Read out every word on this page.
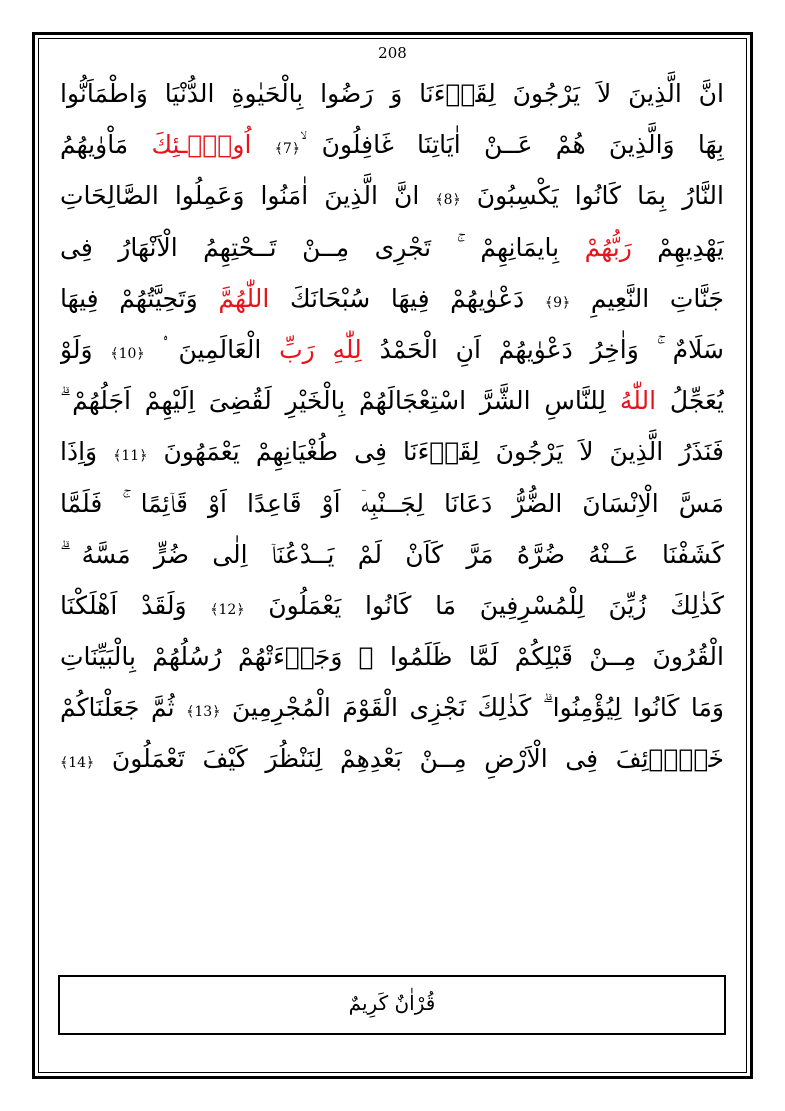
208
انَّ الَّذِينَ لاَ يَرْجُونَ لِقَاۤءَنَا وَ رَضُوا بِالْحَيٰوةِ الدُّنْيَا وَاطْمَاَنُّوا
بِهَا وَالَّذِينَ هُمْ عَــنْ اٰيَاتِنَا غَافِلُونَ ۙ﴿7﴾ اُولٰۤـئِكَ مَاْوٰيهُمُ
النَّارُ بِمَا كَانُوا يَكْسِبُونَ ﴿8﴾ انَّ الَّذِينَ اٰمَنُوا وَعَمِلُوا الصَّالِحَاتِ
يَهْدِيهِمْ رَبُّهُمْ بِايمَانِهِمْ ۚ تَجْرِى مِــنْ تَــحْتِهِمُ الْاَنْهَارُ فِى
جَنَّاتِ النَّعِيمِ ﴿9﴾ دَعْوٰيهُمْ فِيهَا سُبْحَانَكَ اللّٰهُمَّ وَتَحِيَّتُهُمْ فِيهَا
سَلَامٌ ۚ وَاٰخِرُ دَعْوٰيهُمْ اَنِ الْحَمْدُ لِلّٰهِ رَبِّ الْعَالَمِينَ ۟ ﴿10﴾ وَلَوْ
يُعَجِّلُ اللّٰهُ لِلنَّاسِ الشَّرَّ اسْتِعْجَالَهُمْ بِالْخَيْرِ لَقُضِىَ اِلَيْهِمْ اَجَلُهُمْ ۗ
فَنَذَرُ الَّذِينَ لاَ يَرْجُونَ لِقَاۤءَنَا فِى طُغْيَانِهِمْ يَعْمَهُونَ ﴿11﴾ وَاِذَا
مَسَّ الْاِنْسَانَ الضُّرُّ دَعَانَا لِجَــنْبِهۤ اَوْ قَاعِدًا اَوْ قَاۤئِمًا ۚ فَلَمَّا
كَشَفْنَا عَــنْهُ ضُرَّهُ مَرَّ كَاَنْ لَمْ يَــدْعُنَاۤ اِلٰى ضُرٍّ مَسَّهُ ۗ
كَذٰلِكَ زُيِّنَ لِلْمُسْرِفِينَ مَا كَانُوا يَعْمَلُونَ ﴿12﴾ وَلَقَدْ اَهْلَكْنَا
الْقُرُونَ مِــنْ قَبْلِكُمْ لَمَّا ظَلَمُوا ۙ وَجَاۤءَتْهُمْ رُسُلُهُمْ بِالْبَيِّنَاتِ
وَمَا كَانُوا لِيُؤْمِنُوا ۗ كَذٰلِكَ نَجْزِى الْقَوْمَ الْمُجْرِمِينَ ﴿13﴾ ثُمَّ جَعَلْنَاكُمْ
خَلَاۤئِفَ فِى الْاَرْضِ مِــنْ بَعْدِهِمْ لِنَنْظُرَ كَيْفَ تَعْمَلُونَ ﴿14﴾
قُرْاٰنٌ كَرِيمٌ
